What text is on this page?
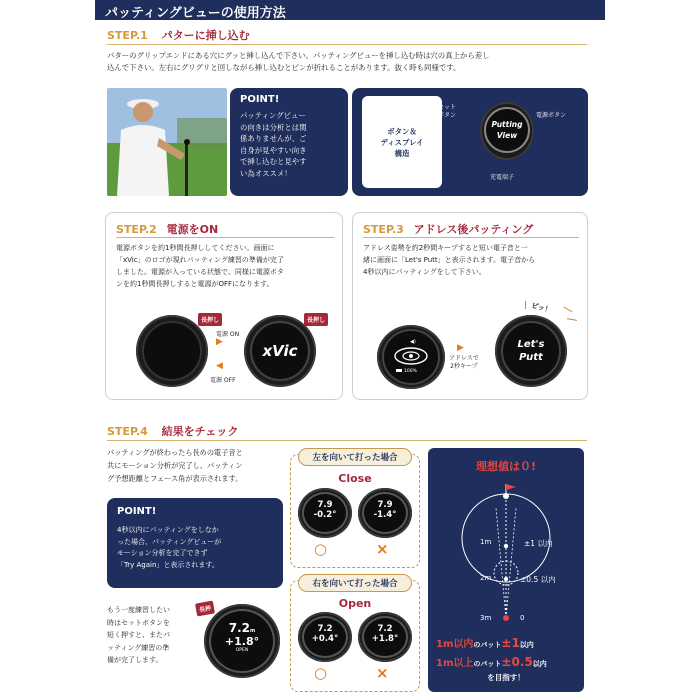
パッティングビューの使用方法
STEP.1 パターに挿し込む
パターのグリップエンドにある穴にグッと挿し込んで下さい。パッティングビューを挿し込む時は穴の真上から差し
込んで下さい。左右にグリグリと回しながら挿し込むとピンが折れることがあります。抜く時も同様です。
POINT!
パッティングビュー
の向きは分析とは関
係ありませんが、ご
自身が見やすい向き
で挿し込むと見やす
い為オススメ！
ボタン＆
ディスプレイ
構造
セット
ボタン	電源ボタン
Putting
View
充電端子
STEP.2 電源をON
電源ボタンを約1秒間長押ししてください。画面に
「xVic」のロゴが現れパッティング練習の準備が完了
しました。電源が入っている状態で、同様に電源ボタ
ンを約1秒間長押しすると電源がOFFになります。
長押し
電源 ON
▶
◀
電源 OFF
xVic
長押し
STEP.3 アドレス後パッティング
アドレス姿勢を約2秒間キープすると短い電子音と一
緒に画面に「Let's Putt」と表示されます。電子音から
4秒以内にパッティングをして下さい。
◀)
100%
▶
アドレスで
2秒キープ
Let's
Putt
ピッ！
STEP.4 結果をチェック
パッティングが終わったら長めの電子音と
共にモーション分析が完了し、パッティン
グ予想距離とフェース角が表示されます。
POINT!
4秒以内にパッティングをしなか
った場合、パッティングビューが
モーション分析を完了できず
「Try Again」と表示されます。
もう一度練習したい
時はセットボタンを
短く押すと、またパ
ッティング練習の準
備が完了します。
7.2m
+1.8°
OPEN
長押
左を向いて打った場合
Close
7.9
-0.2°
7.9
-1.4°
○	×
右を向いて打った場合
Open
7.2
+0.4°
7.2
+1.8°
○	×
理想値は０!
1m
2m
3m	0
±1 以内
±0.5 以内
1m以内のパット±1以内
1m以上のパット±0.5以内
を目指す！
